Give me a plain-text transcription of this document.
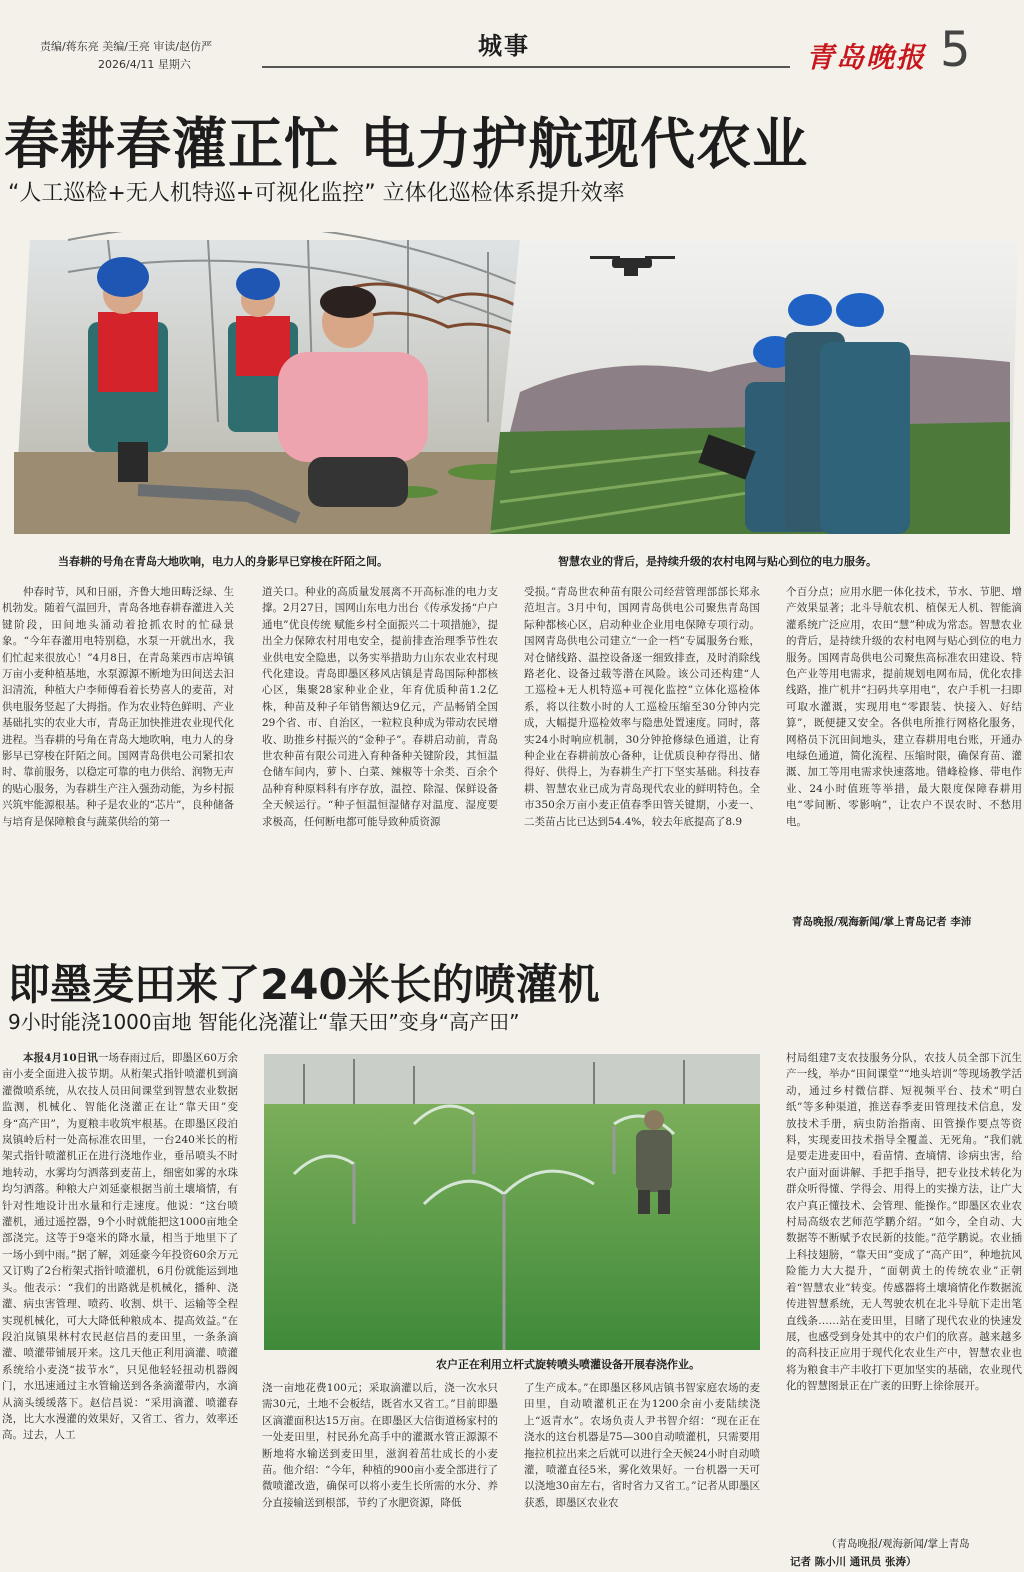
责编/蒋东亮 美编/王亮 审读/赵仿严
2026/4/11 星期六
城事	青岛晚报 5
春耕春灌正忙 电力护航现代农业
“人工巡检+无人机特巡+可视化监控” 立体化巡检体系提升效率
当春耕的号角在青岛大地吹响，电力人的身影早已穿梭在阡陌之间。	智慧农业的背后，是持续升级的农村电网与贴心到位的电力服务。
仲春时节，风和日丽，齐鲁大地田畴泛绿、生机勃发。随着气温回升，青岛各地春耕春灌进入关键阶段，田间地头涌动着抢抓农时的忙碌景象。“今年春灌用电特别稳，水泵一开就出水，我们忙起来很放心！”4月8日，在青岛莱西市店埠镇万亩小麦种植基地，水泵源源不断地为田间送去汩汩清流，种植大户李师傅看着长势喜人的麦苗，对供电服务竖起了大拇指。作为农业特色鲜明、产业基础扎实的农业大市，青岛正加快推进农业现代化进程。当春耕的号角在青岛大地吹响，电力人的身影早已穿梭在阡陌之间。国网青岛供电公司紧扣农时、靠前服务，以稳定可靠的电力供给、润物无声的贴心服务，为春耕生产注入强劲动能，为乡村振兴筑牢能源根基。种子是农业的“芯片”，良种储备与培育是保障粮食与蔬菜供给的第一
道关口。种业的高质量发展离不开高标准的电力支撑。2月27日，国网山东电力出台《传承发扬“户户通电”优良传统 赋能乡村全面振兴二十项措施》，提出全力保障农村用电安全，提前排查治理季节性农业供电安全隐患，以务实举措助力山东农业农村现代化建设。青岛即墨区移风店镇是青岛国际种都核心区，集聚28家种业企业，年育优质种苗1.2亿株，种苗及种子年销售额达9亿元，产品畅销全国29个省、市、自治区，一粒粒良种成为带动农民增收、助推乡村振兴的“金种子”。春耕启动前，青岛世农种苗有限公司进入育种备种关键阶段，其恒温仓储车间内，萝卜、白菜、辣椒等十余类、百余个品种育种原料科有序存放，温控、除湿、保鲜设备全天候运行。“种子恒温恒湿储存对温度、湿度要求极高，任何断电都可能导致种质资源
受损。”青岛世农种苗有限公司经营管理部部长郑永范坦言。3月中旬，国网青岛供电公司聚焦青岛国际种都核心区，启动种业企业用电保障专项行动。国网青岛供电公司建立“一企一档”专属服务台账，对仓储线路、温控设备逐一细致排查，及时消除线路老化、设备过载等潜在风险。该公司还构建“人工巡检+无人机特巡+可视化监控”立体化巡检体系，将以往数小时的人工巡检压缩至30分钟内完成，大幅提升巡检效率与隐患处置速度。同时，落实24小时响应机制，30分钟抢修绿色通道，让育种企业在春耕前放心备种，让优质良种存得出、储得好、供得上，为春耕生产打下坚实基础。科技春耕、智慧农业已成为青岛现代农业的鲜明特色。全市350余万亩小麦正值春季田管关键期，小麦一、二类苗占比已达到54.4%，较去年底提高了8.9
个百分点；应用水肥一体化技术，节水、节肥、增产效果显著；北斗导航农机、植保无人机、智能滴灌系统广泛应用，农田“慧”种成为常态。智慧农业的背后，是持续升级的农村电网与贴心到位的电力服务。国网青岛供电公司聚焦高标准农田建设、特色产业等用电需求，提前规划电网布局，优化农排线路，推广机井“扫码共享用电”，农户手机一扫即可取水灌溉，实现用电“零跟装、快接入、好结算”，既便捷又安全。各供电所推行网格化服务，网格员下沉田间地头，建立春耕用电台账，开通办电绿色通道，简化流程、压缩时限，确保育苗、灌溉、加工等用电需求快速落地。错峰检修、带电作业、24小时值班等举措，最大限度保障春耕用电“零间断、零影响”，让农户不误农时、不愁用电。
青岛晚报/观海新闻/掌上青岛记者 李沛
即墨麦田来了240米长的喷灌机
9小时能浇1000亩地 智能化浇灌让“靠天田”变身“高产田”
农户正在利用立杆式旋转喷头喷灌设备开展春浇作业。
本报4月10日讯一场春雨过后，即墨区60万余亩小麦全面进入拔节期。从桁架式指针喷灌机到滴灌微喷系统，从农技人员田间课堂到智慧农业数据监测，机械化、智能化浇灌正在让“靠天田”变身“高产田”，为夏粮丰收筑牢根基。在即墨区段泊岚镇岭后村一处高标准农田里，一台240米长的桁架式指针喷灌机正在进行浇地作业，垂吊喷头不时地转动，水雾均匀洒落到麦苗上，细密如雾的水珠均匀洒落。种粮大户刘延豪根据当前土壤墒情，有针对性地设计出水量和行走速度。他说：“这台喷灌机，通过遥控器，9个小时就能把这1000亩地全部浇完。这等于9毫米的降水量，相当于地里下了一场小到中雨。”据了解，刘延豪今年投资60余万元又订购了2台桁架式指针喷灌机，6月份就能运到地头。他表示：“我们的出路就是机械化，播种、浇灌、病虫害管理、喷药、收割、烘干、运输等全程实现机械化，可大大降低种粮成本、提高效益。”在段泊岚镇果林村农民赵信昌的麦田里，一条条滴灌、喷灌带铺展开来。这几天他正利用滴灌、喷灌系统给小麦浇“拔节水”，只见他轻轻扭动机器阀门，水迅速通过主水管输送到各条滴灌带内，水滴从滴头缓缓落下。赵信昌说：“采用滴灌、喷灌春浇，比大水漫灌的效果好，又省工、省力，效率还高。过去，人工
浇一亩地花费100元；采取滴灌以后，浇一次水只需30元，土地不会板结，既省水又省工。”目前即墨区滴灌面积达15万亩。在即墨区大信街道杨家村的一处麦田里，村民孙允高手中的灌溉水管正源源不断地将水输送到麦田里，滋润着茁壮成长的小麦苗。他介绍：“今年，种植的900亩小麦全部进行了微喷灌改造，确保可以将小麦生长所需的水分、养分直接输送到根部，节约了水肥资源，降低
了生产成本。”在即墨区移风店镇书智家庭农场的麦田里，自动喷灌机正在为1200余亩小麦陆续浇上“返青水”。农场负责人尹书智介绍：“现在正在浇水的这台机器是75—300自动喷灌机，只需要用拖拉机拉出来之后就可以进行全天候24小时自动喷灌，喷灌直径5米，雾化效果好。一台机器一天可以浇地30亩左右，省时省力又省工。”记者从即墨区获悉，即墨区农业农
村局组建7支农技服务分队，农技人员全部下沉生产一线，举办“田间课堂”“地头培训”等现场教学活动，通过乡村微信群、短视频平台、技术“明白纸”等多种渠道，推送春季麦田管理技术信息，发放技术手册，病虫防治指南、田管操作要点等资料，实现麦田技术指导全覆盖、无死角。“我们就是要走进麦田中，看苗情、查墒情、诊病虫害，给农户面对面讲解、手把手指导，把专业技术转化为群众听得懂、学得会、用得上的实操方法，让广大农户真正懂技术、会管理、能操作。”即墨区农业农村局高级农艺师范学鹏介绍。“如今，全自动、大数据等不断赋予农民新的技能。”范学鹏说。农业插上科技翅膀，“靠天田”变成了“高产田”，种地抗风险能力大大提升，“面朝黄土的传统农业”正朝着“智慧农业”转变。传感器将土壤墒情化作数据流传进智慧系统，无人驾驶农机在北斗导航下走出笔直线条……站在麦田里，目睹了现代农业的快速发展，也感受到身处其中的农户们的欣喜。越来越多的高科技正应用于现代化农业生产中，智慧农业也将为粮食丰产丰收打下更加坚实的基础，农业现代化的智慧图景正在广袤的田野上徐徐展开。
（青岛晚报/观海新闻/掌上青岛
记者 陈小川 通讯员 张涛）
